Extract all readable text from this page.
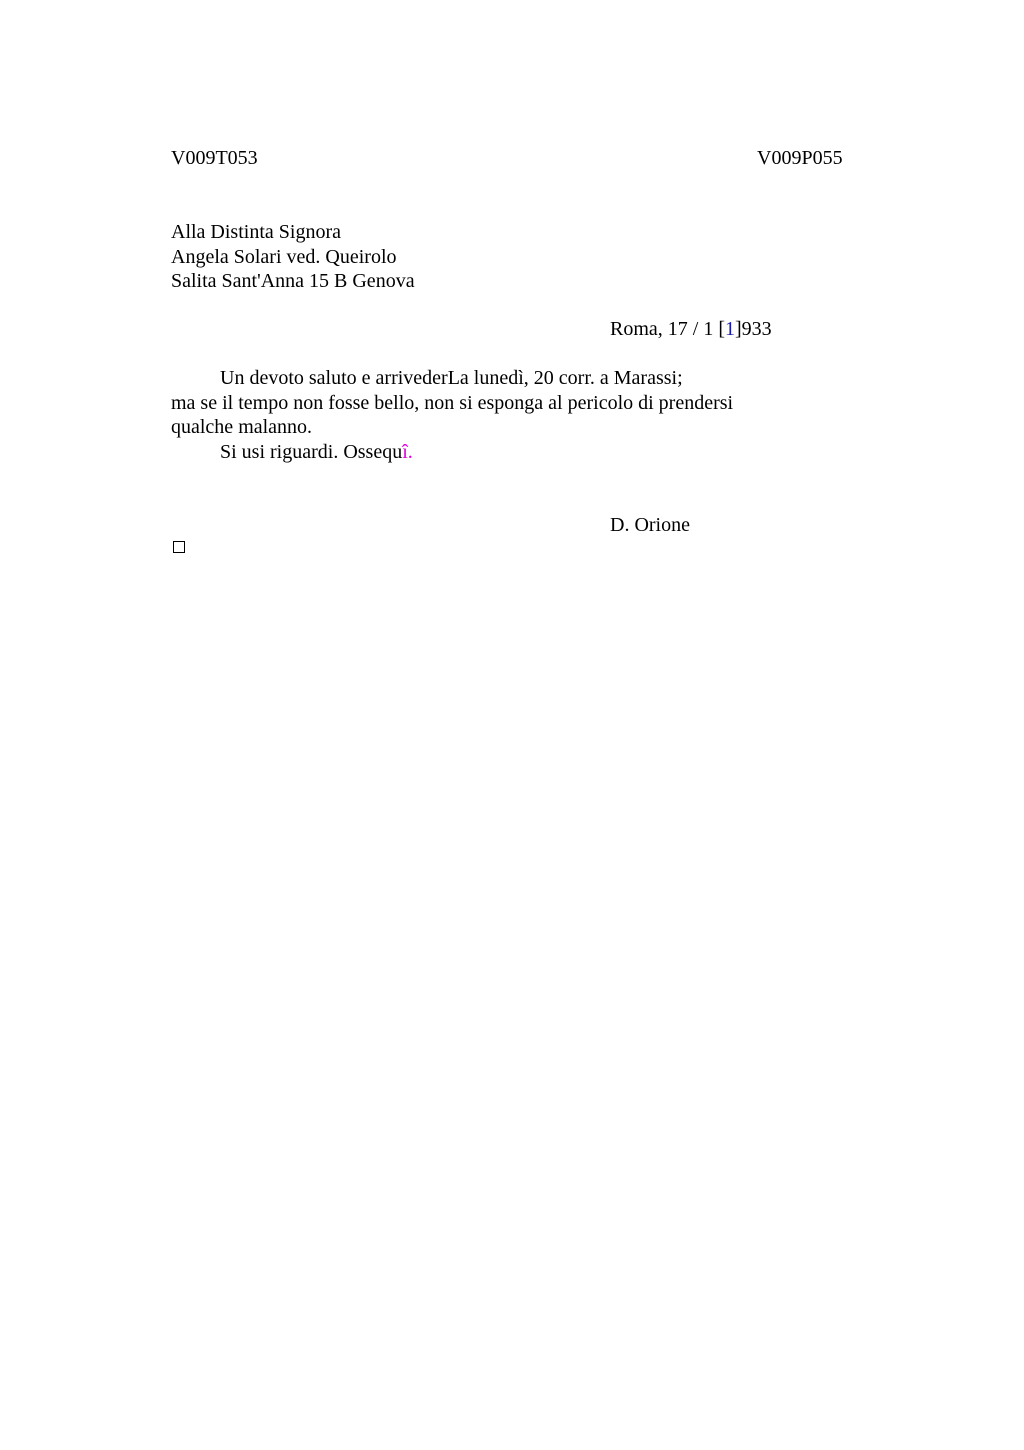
V009T053	V009P055
Alla Distinta Signora
Angela Solari ved. Queirolo
Salita Sant'Anna 15 B Genova
Roma, 17 / 1 [1]933
Un devoto saluto e arrivederLa lunedì, 20 corr. a Marassi;
ma se il tempo non fosse bello, non si esponga al pericolo di prendersi
qualche malanno.
Si usi riguardi. Ossequî.
D. Orione
